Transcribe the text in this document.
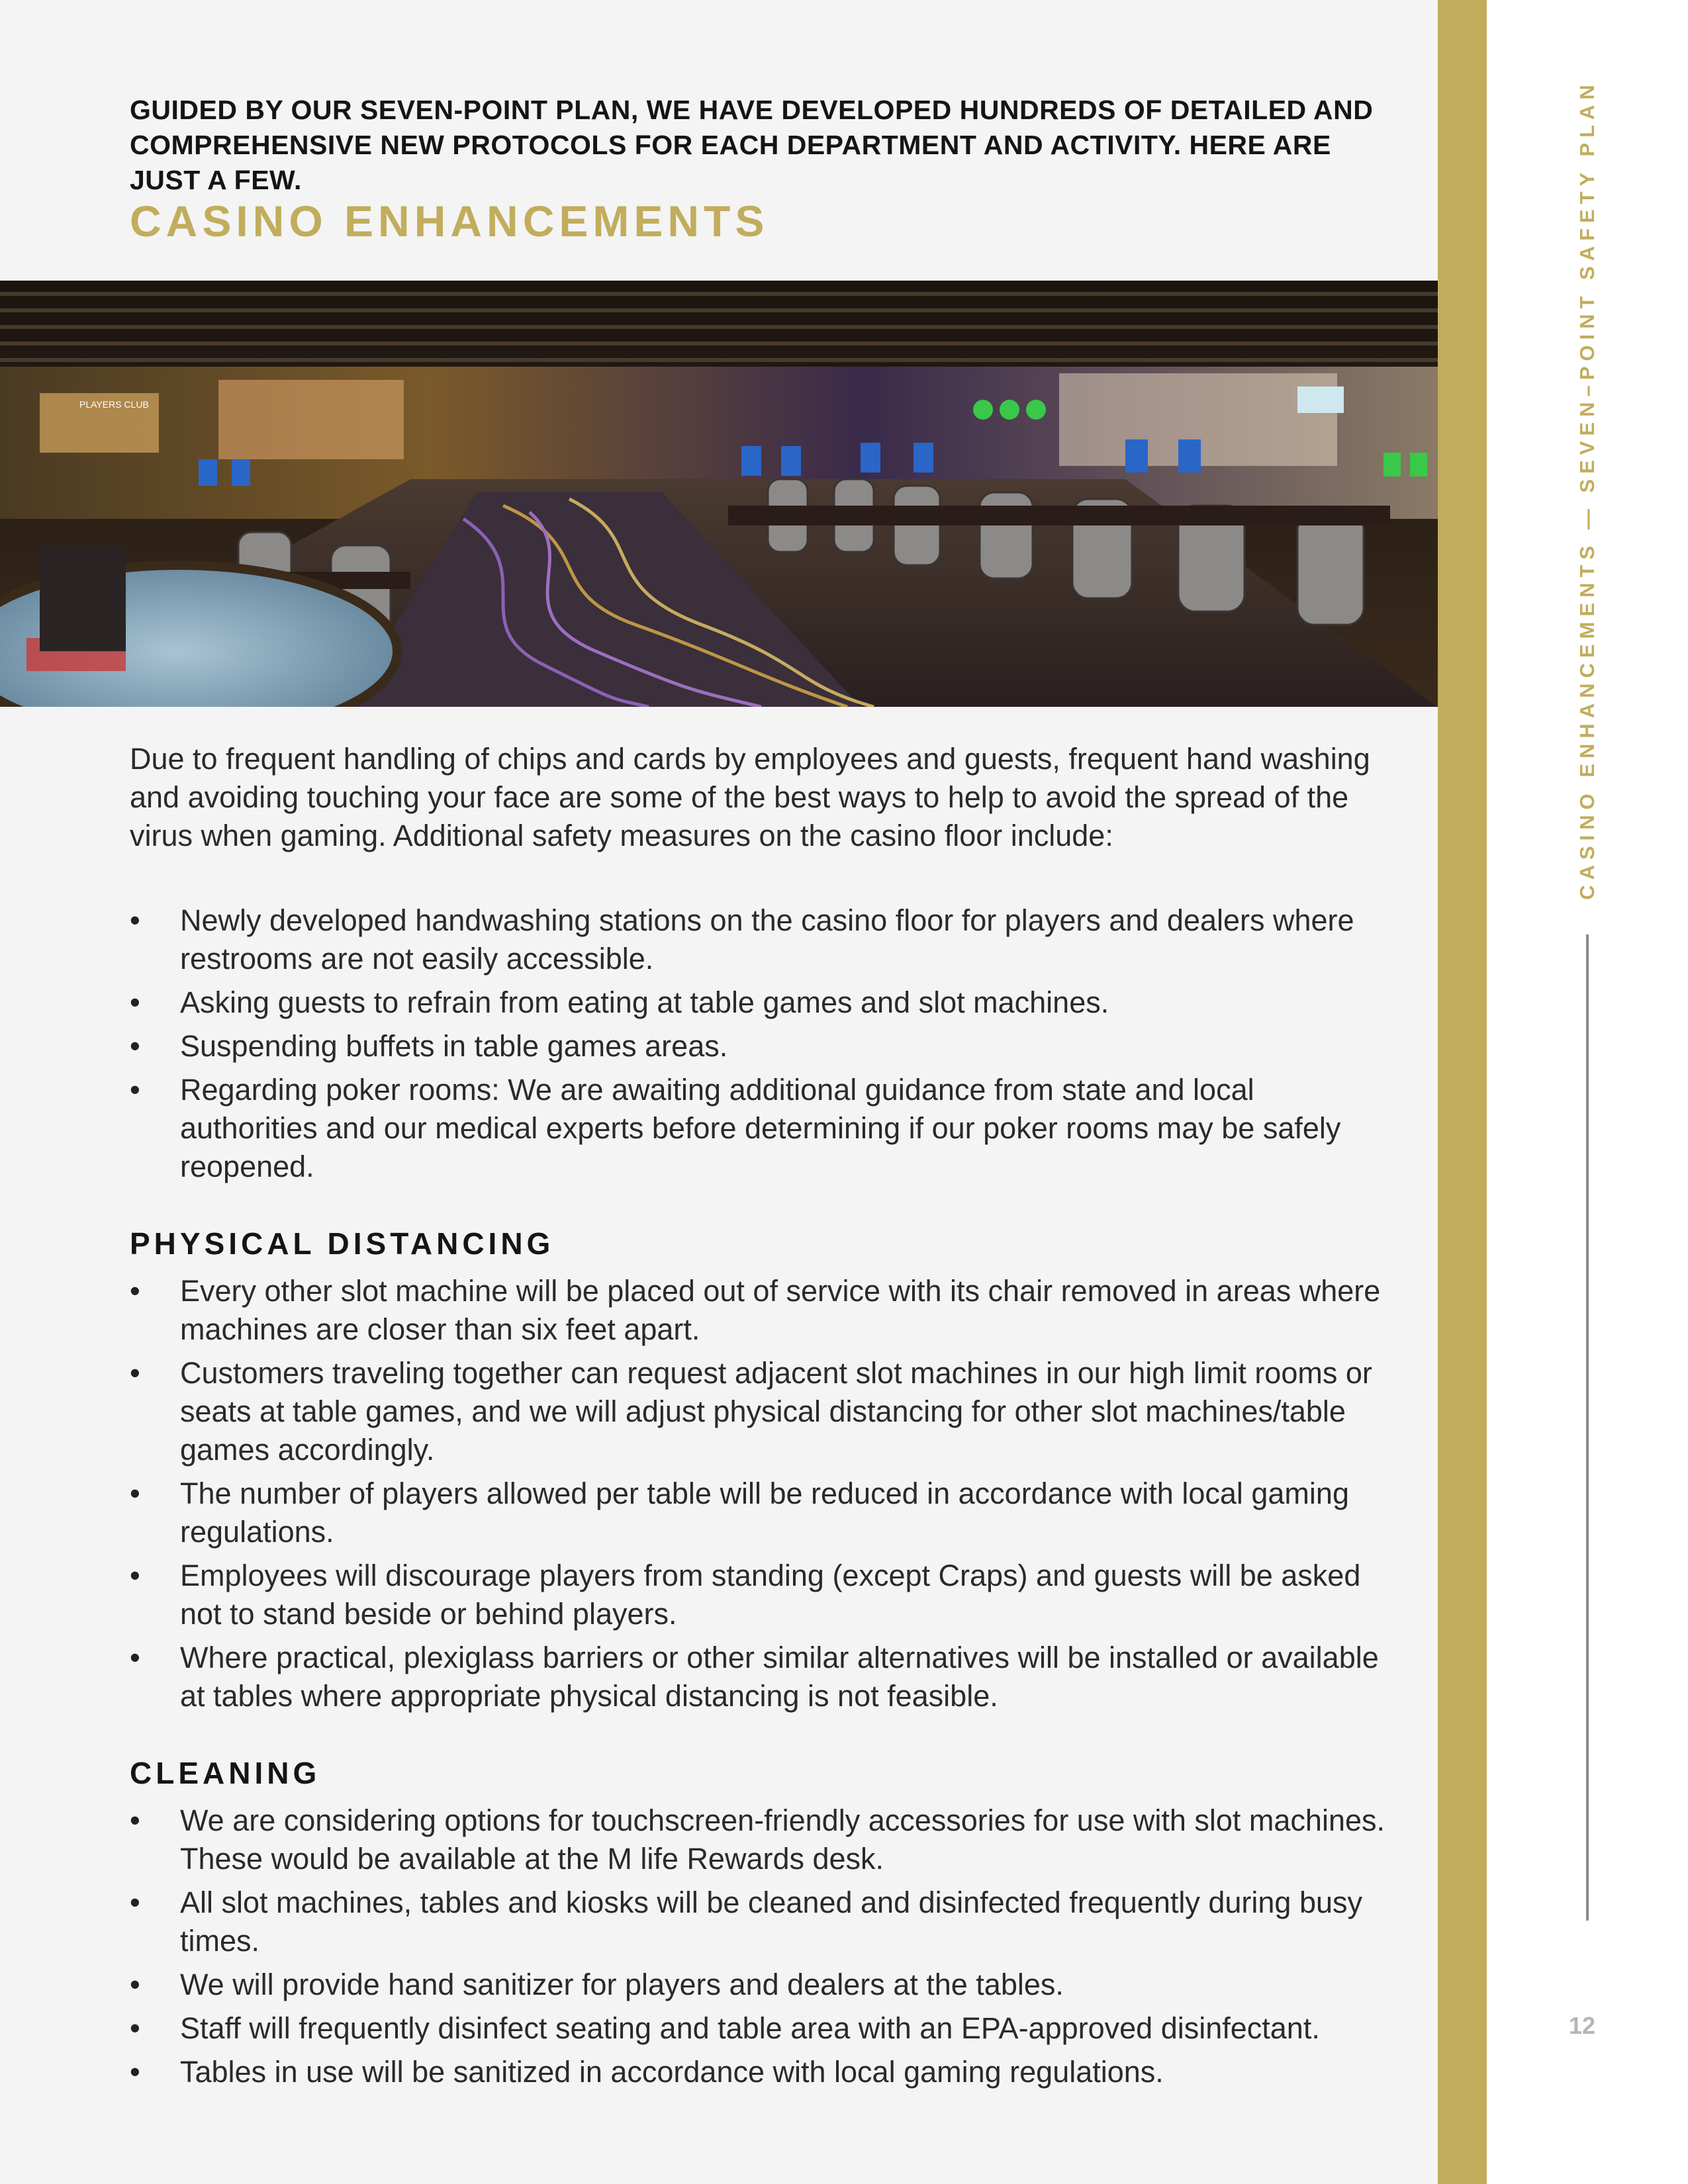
GUIDED BY OUR SEVEN-POINT PLAN, WE HAVE DEVELOPED HUNDREDS OF DETAILED AND COMPREHENSIVE NEW PROTOCOLS FOR EACH DEPARTMENT AND ACTIVITY. HERE ARE JUST A FEW.

CASINO ENHANCEMENTS
PLAYERS CLUB

Due to frequent handling of chips and cards by employees and guests, frequent hand washing and avoiding touching your face are some of the best ways to help to avoid the spread of the virus when gaming. Additional safety measures on the casino floor include:

• Newly developed handwashing stations on the casino floor for players and dealers where restrooms are not easily accessible.
• Asking guests to refrain from eating at table games and slot machines.
• Suspending buffets in table games areas.
• Regarding poker rooms: We are awaiting additional guidance from state and local authorities and our medical experts before determining if our poker rooms may be safely reopened.
PHYSICAL DISTANCING
• Every other slot machine will be placed out of service with its chair removed in areas where machines are closer than six feet apart.
• Customers traveling together can request adjacent slot machines in our high limit rooms or seats at table games, and we will adjust physical distancing for other slot machines/table games accordingly.
• The number of players allowed per table will be reduced in accordance with local gaming regulations.
• Employees will discourage players from standing (except Craps) and guests will be asked not to stand beside or behind players.
• Where practical, plexiglass barriers or other similar alternatives will be installed or available at tables where appropriate physical distancing is not feasible.
CLEANING
• We are considering options for touchscreen-friendly accessories for use with slot machines. These would be available at the M life Rewards desk.
• All slot machines, tables and kiosks will be cleaned and disinfected frequently during busy times.
• We will provide hand sanitizer for players and dealers at the tables.
• Staff will frequently disinfect seating and table area with an EPA-approved disinfectant.
• Tables in use will be sanitized in accordance with local gaming regulations.
CASINO ENHANCEMENTS — SEVEN–POINT SAFETY PLAN
12
